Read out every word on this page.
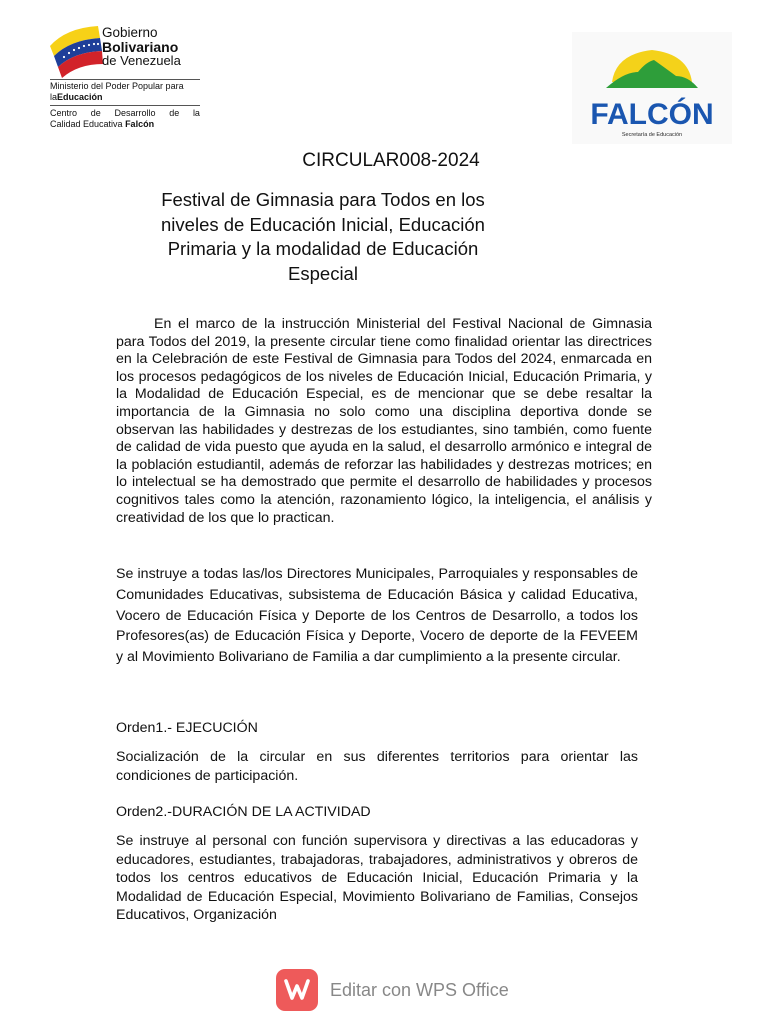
Gobierno
Bolivariano
de Venezuela
Ministerio del Poder Popular para
laEducación
Centro de Desarrollo de la
Calidad Educativa Falcón	FALCÓN
Secretaría de Educación
CIRCULAR008-2024
Festival de Gimnasia para Todos en los
niveles de Educación Inicial, Educación
Primaria y la modalidad de Educación
Especial
En el marco de la instrucción Ministerial del Festival Nacional de Gimnasia para Todos del 2019, la presente circular tiene como finalidad orientar las directrices en la Celebración de este Festival de Gimnasia para Todos del 2024, enmarcada en los procesos pedagógicos de los niveles de Educación Inicial, Educación Primaria, y la Modalidad de Educación Especial, es de mencionar que se debe resaltar la importancia de la Gimnasia no solo como una disciplina deportiva donde se observan las habilidades y destrezas de los estudiantes, sino también, como fuente de calidad de vida puesto que ayuda en la salud, el desarrollo armónico e integral de la población estudiantil, además de reforzar las habilidades y destrezas motrices; en lo intelectual se ha demostrado que permite el desarrollo de habilidades y procesos cognitivos tales como la atención, razonamiento lógico, la inteligencia, el análisis y creatividad de los que lo practican.
Se instruye a todas las/los Directores Municipales, Parroquiales y responsables de Comunidades Educativas, subsistema de Educación Básica y calidad Educativa, Vocero de Educación Física y Deporte de los Centros de Desarrollo, a todos los Profesores(as) de Educación Física y Deporte, Vocero de deporte de la FEVEEM y al Movimiento Bolivariano de Familia a dar cumplimiento a la presente circular.
Orden1.- EJECUCIÓN
Socialización de la circular en sus diferentes territorios para orientar las condiciones de participación.
Orden2.-DURACIÓN DE LA ACTIVIDAD
Se instruye al personal con función supervisora y directivas a las educadoras y educadores, estudiantes, trabajadoras, trabajadores, administrativos y obreros de todos los centros educativos de Educación Inicial, Educación Primaria y la Modalidad de Educación Especial, Movimiento Bolivariano de Familias, Consejos Educativos, Organización
Editar con WPS Office
